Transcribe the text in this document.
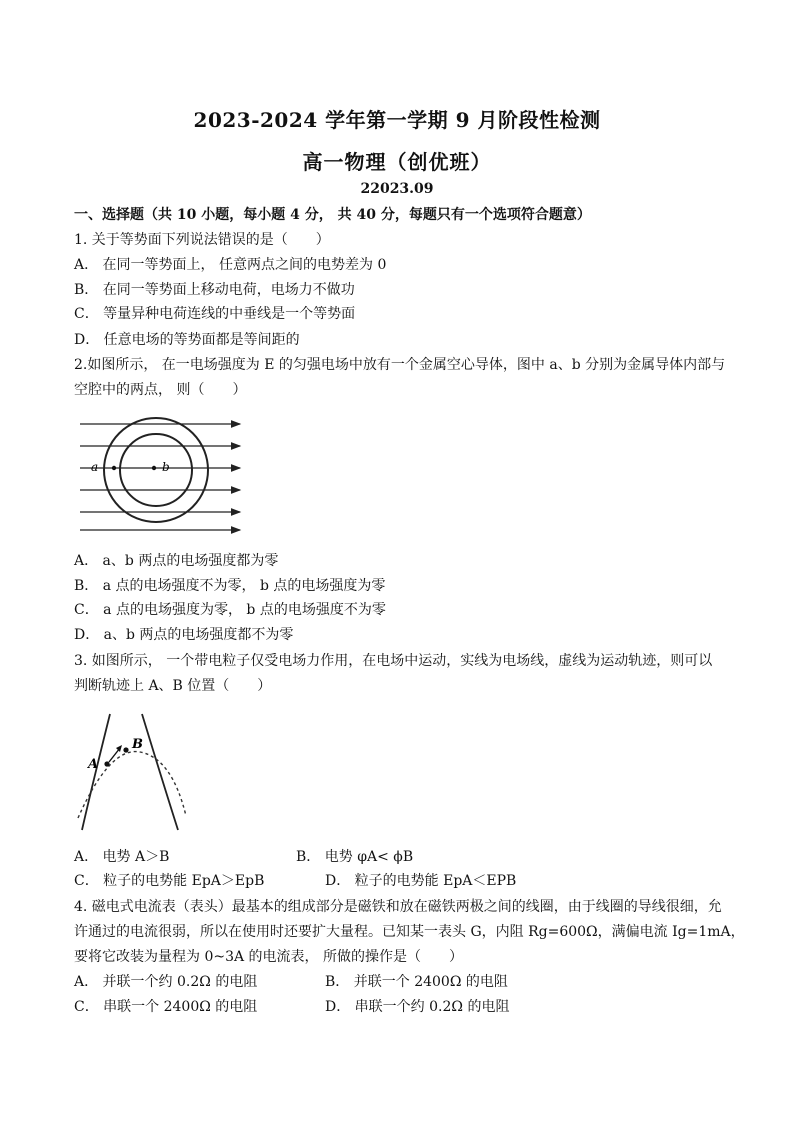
2023-2024 学年第一学期 9 月阶段性检测
高一物理（创优班）
22023.09
一、选择题（共 10 小题，每小题 4 分， 共 40 分，每题只有一个选项符合题意）
1. 关于等势面下列说法错误的是（　　）
A． 在同一等势面上， 任意两点之间的电势差为 0
B． 在同一等势面上移动电荷，电场力不做功
C． 等量异种电荷连线的中垂线是一个等势面
D． 任意电场的等势面都是等间距的
2.如图所示， 在一电场强度为 E 的匀强电场中放有一个金属空心导体，图中 a、b 分别为金属导体内部与
空腔中的两点， 则（　　）
a	b
A． a、b 两点的电场强度都为零
B． a 点的电场强度不为零， b 点的电场强度为零
C． a 点的电场强度为零， b 点的电场强度不为零
D． a、b 两点的电场强度都不为零
3. 如图所示， 一个带电粒子仅受电场力作用，在电场中运动，实线为电场线，虚线为运动轨迹，则可以
判断轨迹上 A、B 位置（　　）
A
B
A． 电势 A＞B	B． 电势 φA< ϕB
C． 粒子的电势能 EpA＞EpB	D． 粒子的电势能 EpA＜EPB
4. 磁电式电流表（表头）最基本的组成部分是磁铁和放在磁铁两极之间的线圈，由于线圈的导线很细，允
许通过的电流很弱，所以在使用时还要扩大量程。已知某一表头 G，内阻 Rg=600Ω，满偏电流 Ig=1mA，
要将它改装为量程为 0~3A 的电流表， 所做的操作是（　　）
A． 并联一个约 0.2Ω 的电阻	B． 并联一个 2400Ω 的电阻
C． 串联一个 2400Ω 的电阻	D． 串联一个约 0.2Ω 的电阻
